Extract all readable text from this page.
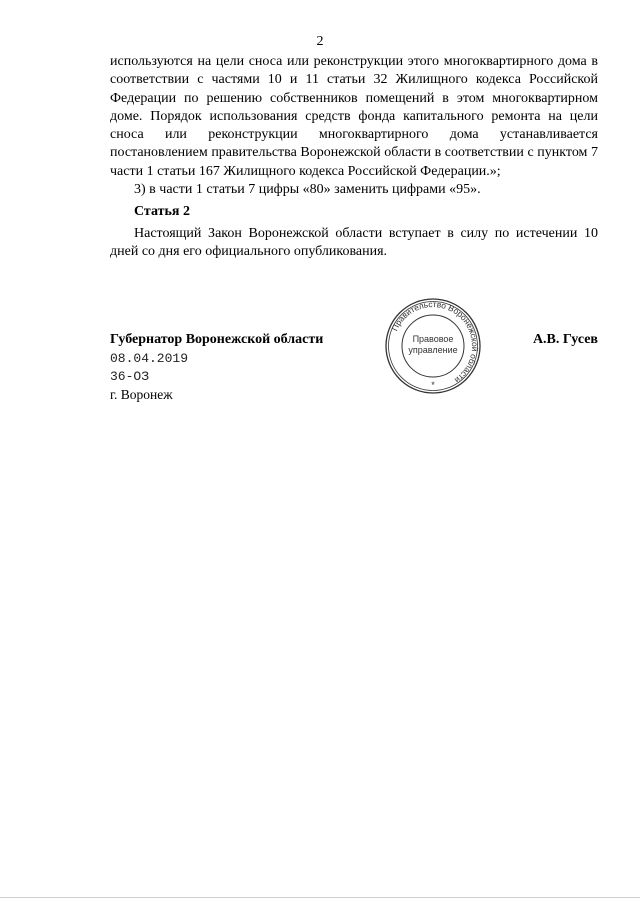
2

используются на цели сноса или реконструкции этого многоквартирного дома в соответствии с частями 10 и 11 статьи 32 Жилищного кодекса Российской Федерации по решению собственников помещений в этом многоквартирном доме. Порядок использования средств фонда капитального ремонта на цели сноса или реконструкции многоквартирного дома устанавливается постановлением правительства Воронежской области в соответствии с пунктом 7 части 1 статьи 167 Жилищного кодекса Российской Федерации.»;

3) в части 1 статьи 7 цифры «80» заменить цифрами «95».

Статья 2

Настоящий Закон Воронежской области вступает в силу по истечении 10 дней со дня его официального опубликования.

Губернатор Воронежской области	А.В. Гусев
08.04.2019
36-ОЗ
г. Воронеж
Правительство Воронежской области
Правовое
управление
*
